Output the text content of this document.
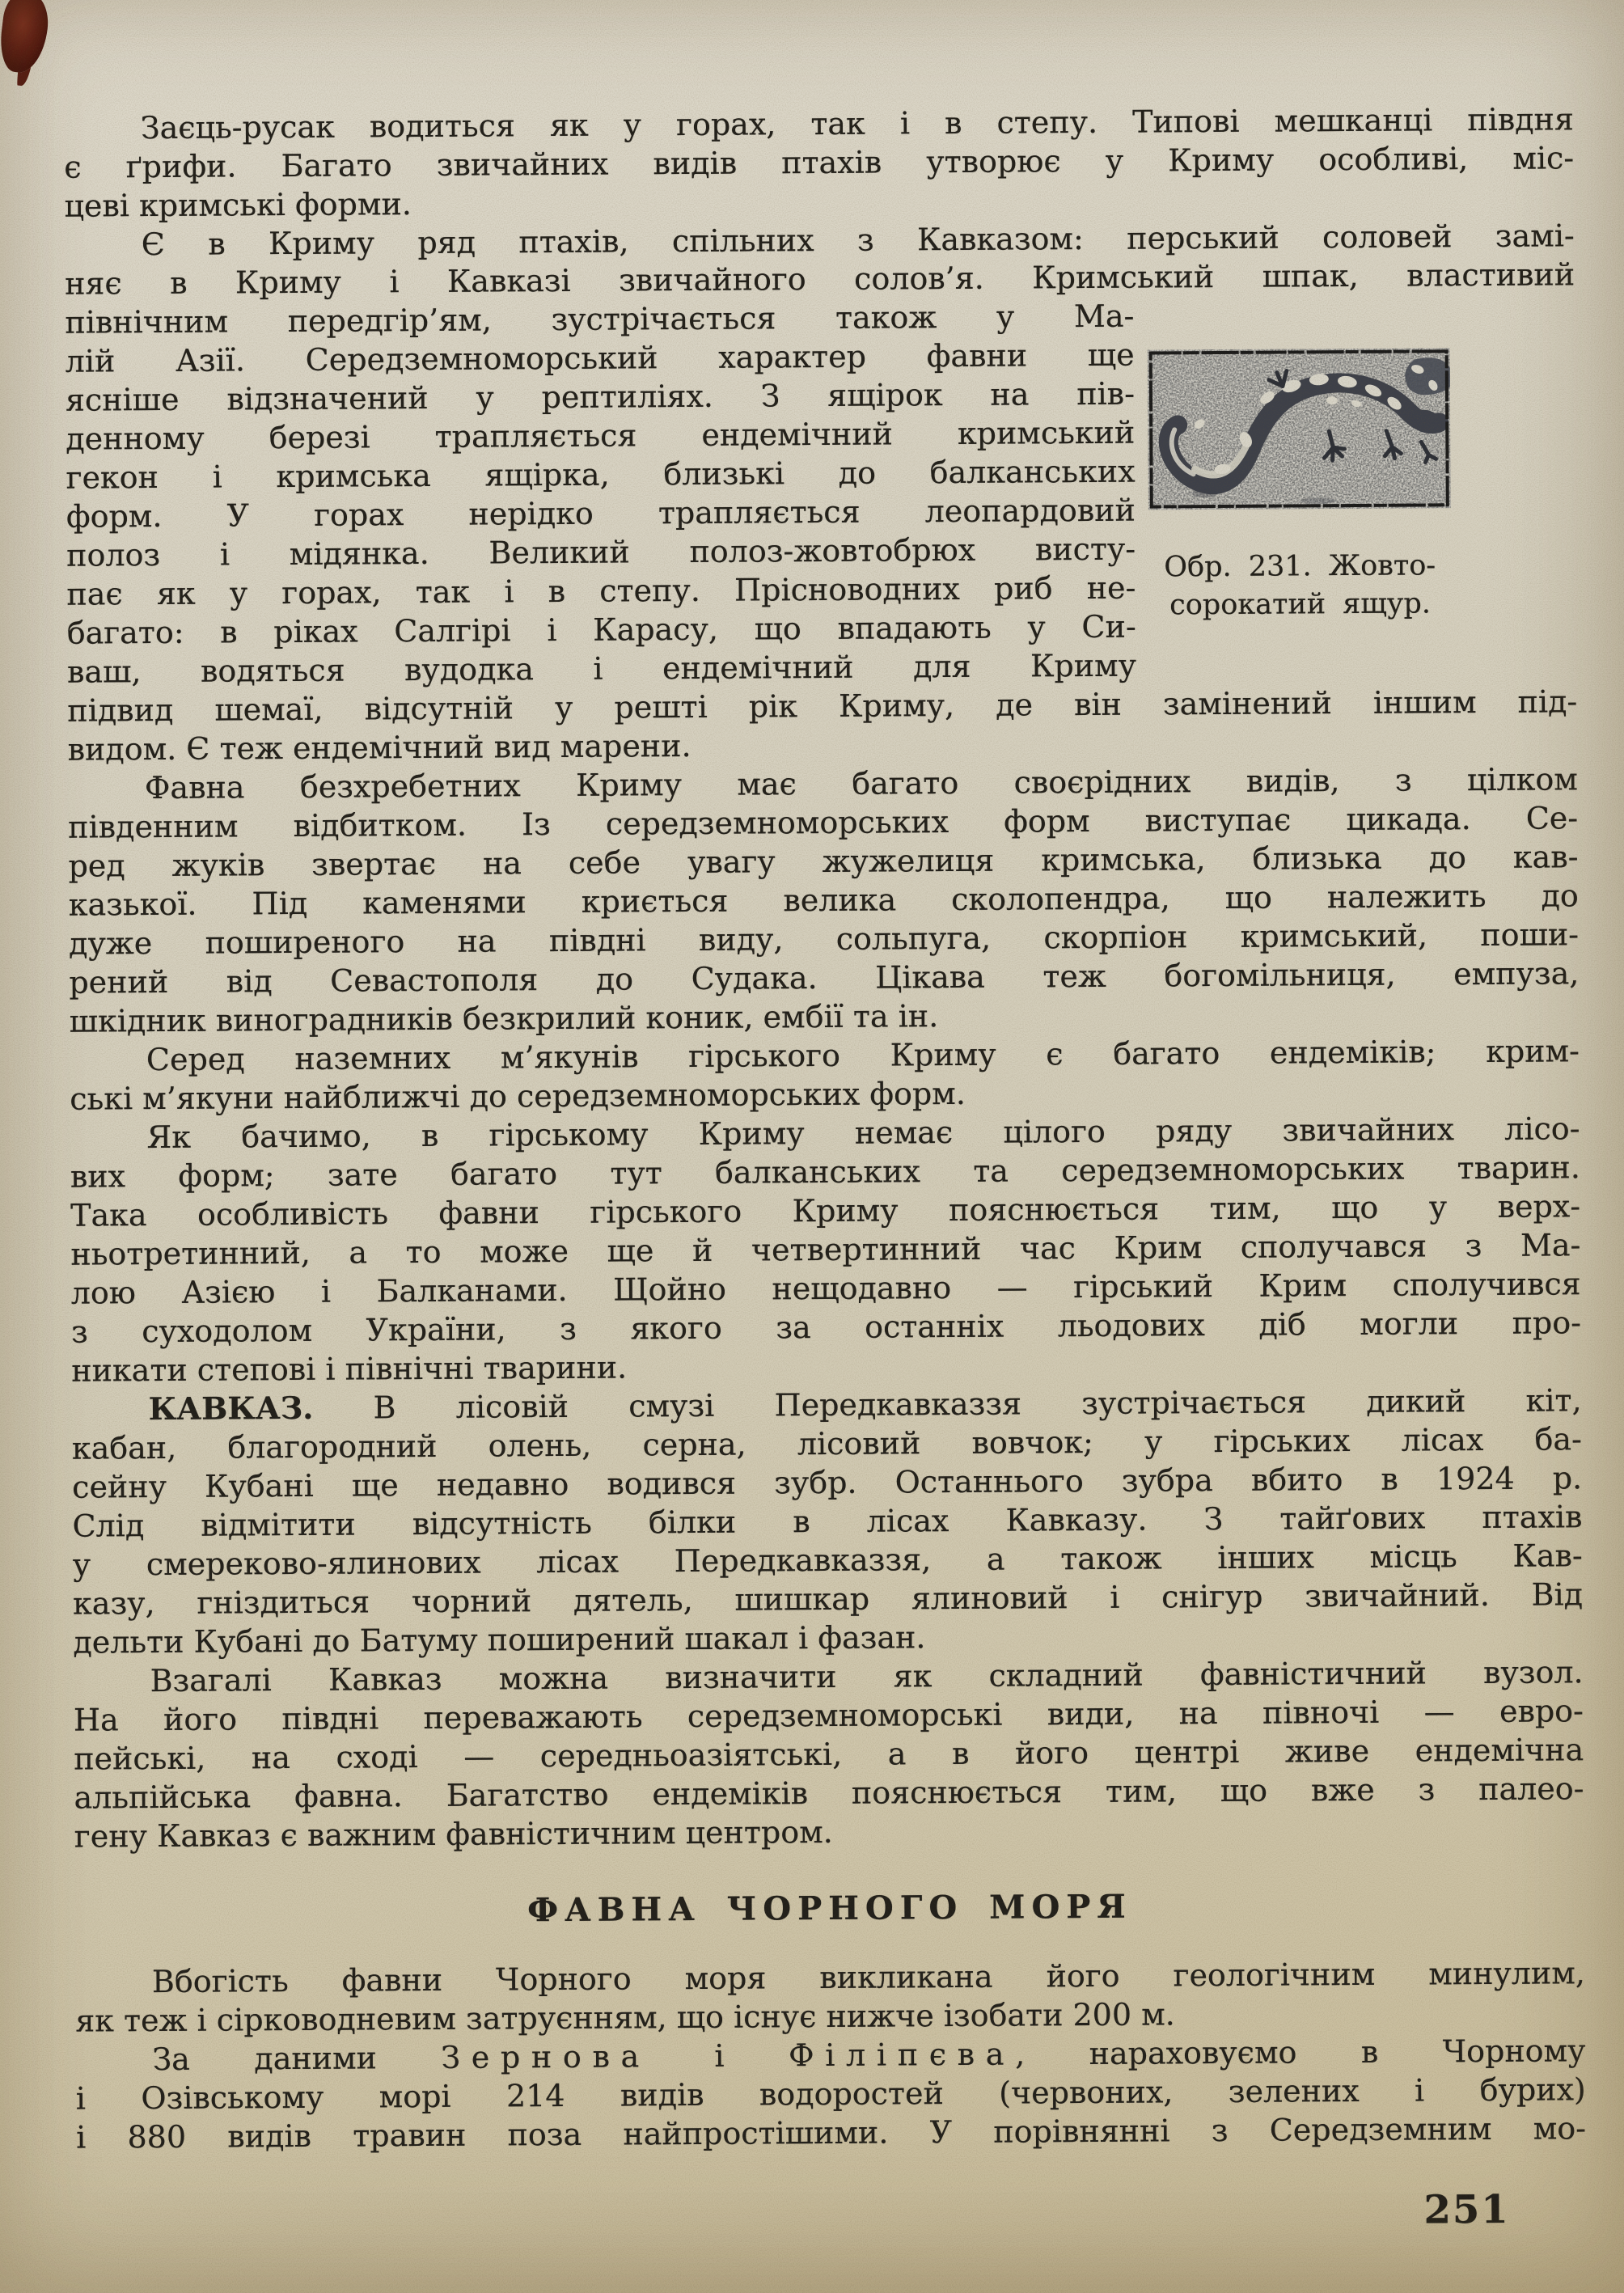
Заєць-русак водиться як у горах, так і в степу. Типові мешканці півдня
є ґрифи. Багато звичайних видів птахів утворює у Криму особливі, міс-
цеві кримські форми.
Є в Криму ряд птахів, спільних з Кавказом: перський соловей замі-
няє в Криму і Кавказі звичайного солов’я. Кримський шпак, властивий
північним передгір’ям, зустрічається також у Ма-
лій Азії. Середземноморський характер фавни ще
ясніше відзначений у рептиліях. З ящірок на пів-
денному березі трапляється ендемічний кримський
гекон і кримська ящірка, близькі до балканських
форм. У горах нерідко трапляється леопардовий
полоз і мідянка. Великий полоз-жовтобрюх висту-
пає як у горах, так і в степу. Прісноводних риб не-
багато: в ріках Салгірі і Карасу, що впадають у Си-
ваш, водяться вудодка і ендемічний для Криму
підвид шемаї, відсутній у решті рік Криму, де він замінений іншим під-
видом. Є теж ендемічний вид марени.
Фавна безхребетних Криму має багато своєрідних видів, з цілком
південним відбитком. Із середземноморських форм виступає цикада. Се-
ред жуків звертає на себе увагу жужелиця кримська, близька до кав-
казької. Під каменями криється велика сколопендра, що належить до
дуже поширеного на півдні виду, сольпуга, скорпіон кримський, поши-
рений від Севастополя до Судака. Цікава теж богомільниця, емпуза,
шкідник виноградників безкрилий коник, ембії та ін.
Серед наземних м’якунів гірського Криму є багато ендеміків; крим-
ські м’якуни найближчі до середземноморських форм.
Як бачимо, в гірському Криму немає цілого ряду звичайних лісо-
вих форм; зате багато тут балканських та середземноморських тварин.
Така особливість фавни гірського Криму пояснюється тим, що у верх-
ньотретинний, а то може ще й четвертинний час Крим сполучався з Ма-
лою Азією і Балканами. Щойно нещодавно — гірський Крим сполучився
з суходолом України, з якого за останніх льодових діб могли про-
никати степові і північні тварини.
КАВКАЗ. В лісовій смузі Передкавказзя зустрічається дикий кіт,
кабан, благородний олень, серна, лісовий вовчок; у гірських лісах ба-
сейну Кубані ще недавно водився зубр. Останнього зубра вбито в 1924 р.
Слід відмітити відсутність білки в лісах Кавказу. З тайґових птахів
у смереково-ялинових лісах Передкавказзя, а також інших місць Кав-
казу, гніздиться чорний дятель, шишкар ялиновий і снігур звичайний. Від
дельти Кубані до Батуму поширений шакал і фазан.
Взагалі Кавказ можна визначити як складний фавністичний вузол.
На його півдні переважають середземноморські види, на півночі — евро-
пейські, на сході — середньоазіятські, а в його центрі живе ендемічна
альпійська фавна. Багатство ендеміків пояснюється тим, що вже з палео-
гену Кавказ є важним фавністичним центром.
ФАВНА ЧОРНОГО МОРЯ
Вбогість фавни Чорного моря викликана його геологічним минулим,
як теж і сірководневим затруєнням, що існує нижче ізобати 200 м.
За даними Зернова і Філіпєва, нараховуємо в Чорному
і Озівському морі 214 видів водоростей (червоних, зелених і бурих)
і 880 видів травин поза найпростішими. У порівнянні з Середземним мо-
Обр. 231. Жовто-
сорокатий ящур.
251
